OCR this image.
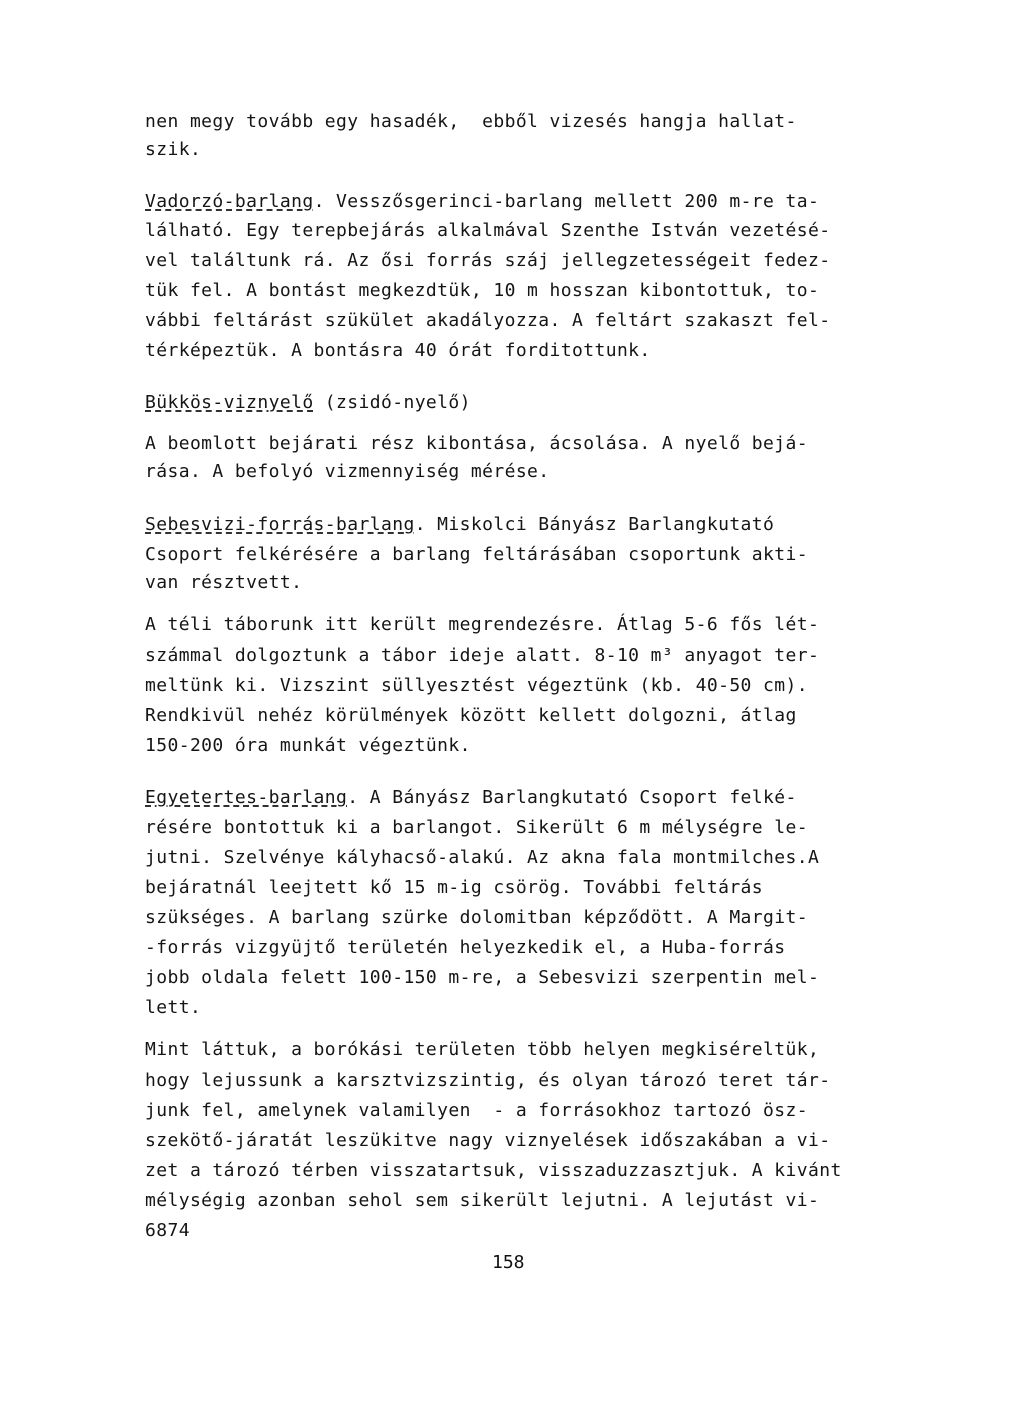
nen megy tovább egy hasadék,  ebből vizesés hangja hallat-
szik.
Vadorzó-barlang. Vesszősgerinci-barlang mellett 200 m-re ta-
lálható. Egy terepbejárás alkalmával Szenthe István vezetésé-
vel találtunk rá. Az ősi forrás száj jellegzetességeit fedez-
tük fel. A bontást megkezdtük, 10 m hosszan kibontottuk, to-
vábbi feltárást szükület akadályozza. A feltárt szakaszt fel-
térképeztük. A bontásra 40 órát forditottunk.
Bükkös-viznyelő (zsidó-nyelő)
A beomlott bejárati rész kibontása, ácsolása. A nyelő bejá-
rása. A befolyó vizmennyiség mérése.
Sebesvizi-forrás-barlang. Miskolci Bányász Barlangkutató
Csoport felkérésére a barlang feltárásában csoportunk akti-
van résztvett.
A téli táborunk itt került megrendezésre. Átlag 5-6 fős lét-
számmal dolgoztunk a tábor ideje alatt. 8-10 m³ anyagot ter-
meltünk ki. Vizszint süllyesztést végeztünk (kb. 40-50 cm).
Rendkivül nehéz körülmények között kellett dolgozni, átlag
150-200 óra munkát végeztünk.
Egyetertes-barlang. A Bányász Barlangkutató Csoport felké-
résére bontottuk ki a barlangot. Sikerült 6 m mélységre le-
jutni. Szelvénye kályhacső-alakú. Az akna fala montmilches.A
bejáratnál leejtett kő 15 m-ig csörög. További feltárás
szükséges. A barlang szürke dolomitban képződött. A Margit-
-forrás vizgyüjtő területén helyezkedik el, a Huba-forrás
jobb oldala felett 100-150 m-re, a Sebesvizi szerpentin mel-
lett.
Mint láttuk, a borókási területen több helyen megkiséreltük,
hogy lejussunk a karsztvizszintig, és olyan tározó teret tár-
junk fel, amelynek valamilyen  - a forrásokhoz tartozó ösz-
szekötő-járatát leszükitve nagy viznyelések időszakában a vi-
zet a tározó térben visszatartsuk, visszaduzzasztjuk. A kivánt
mélységig azonban sehol sem sikerült lejutni. A lejutást vi-
6874
158
